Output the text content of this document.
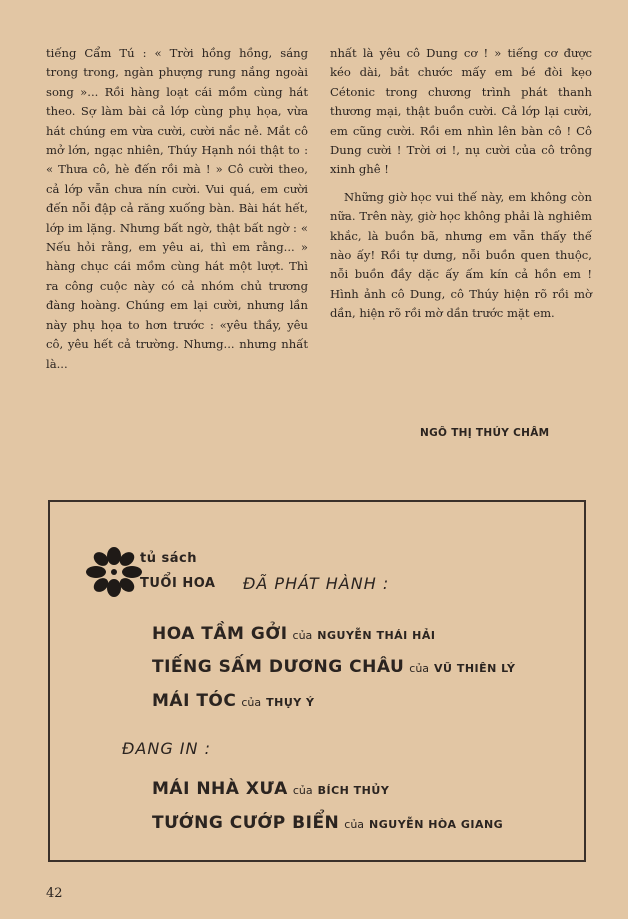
tiếng Cẩm Tú : « Trời hồng hồng, sáng trong trong, ngàn phượng rung nắng ngoài song »... Rồi hàng loạt cái mồm cùng hát theo. Sợ làm bài cả lớp cùng phụ họa, vừa hát chúng em vừa cười, cười nắc nẻ. Mắt cô mở lớn, ngạc nhiên, Thúy Hạnh nói thật to : « Thưa cô, hè đến rồi mà ! » Cô cười theo, cả lớp vẫn chưa nín cười. Vui quá, em cười đến nỗi đập cả răng xuống bàn. Bài hát hết, lớp im lặng. Nhưng bất ngờ, thật bất ngờ : « Nếu hỏi rằng, em yêu ai, thì em rằng... » hàng chục cái mồm cùng hát một lượt. Thì ra công cuộc này có cả nhóm chủ trương đàng hoàng. Chúng em lại cười, nhưng lần này phụ họa to hơn trước : «yêu thầy, yêu cô, yêu hết cả trường. Nhưng... nhưng nhất là...

nhất là yêu cô Dung cơ ! » tiếng cơ được kéo dài, bắt chước mấy em bé đòi kẹo Cétonic trong chương trình phát thanh thương mại, thật buồn cười. Cả lớp lại cười, em cũng cười. Rồi em nhìn lên bàn cô ! Cô Dung cười ! Trời ơi !, nụ cười của cô trông xinh ghê !

Những giờ học vui thế này, em không còn nữa. Trên này, giờ học không phải là nghiêm khắc, là buồn bã, nhưng em vẫn thấy thế nào ấy! Rồi tự dưng, nỗi buồn quen thuộc, nỗi buồn đầy dặc ấy ấm kín cả hồn em ! Hình ảnh cô Dung, cô Thúy hiện rõ rồi mờ dần, hiện rõ rồi mờ dần trước mặt em.

NGÔ THỊ THÚY CHÂM
tủ sách
TUỔI HOA ĐÃ PHÁT HÀNH :
HOA TẦM GỞI của NGUYỄN THÁI HẢI
TIẾNG SẤM DƯƠNG CHÂU của VŨ THIÊN LÝ
MÁI TÓC của THỤY Ý
ĐANG IN :
MÁI NHÀ XƯA của BÍCH THỦY
TƯỚNG CƯỚP BIỂN của NGUYỄN HÒA GIANG
42
